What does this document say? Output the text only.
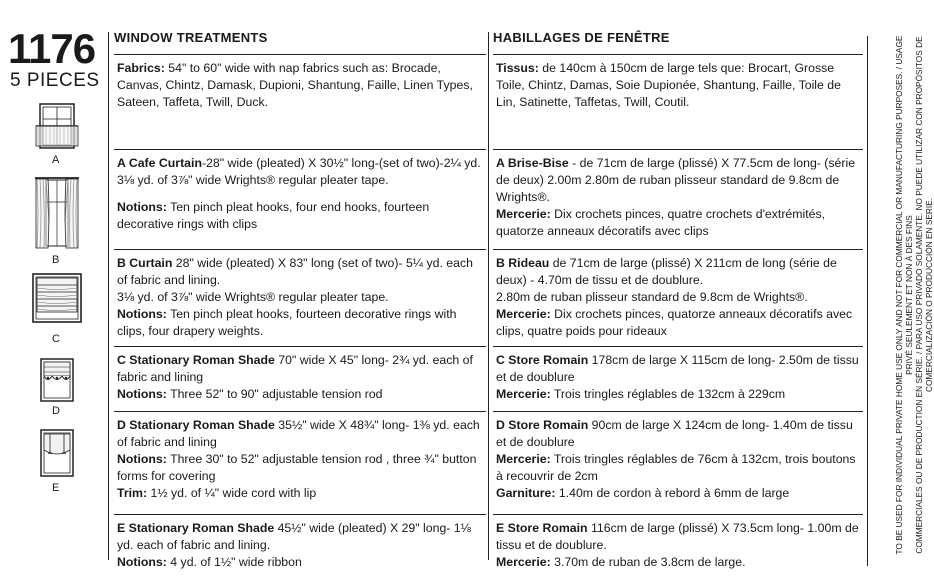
1176
5 PIECES
A
B
C
D
E
WINDOW TREATMENTS

Fabrics: 54" to 60" wide with nap fabrics such as: Brocade, Canvas, Chintz, Damask, Dupioni, Shantung, Faille, Linen Types, Sateen, Taffeta, Twill, Duck.

A Cafe Curtain-28" wide (pleated) X 30½" long-(set of two)-2¼ yd. 3⅛ yd. of 3⅞" wide Wrights® regular pleater tape.

Notions: Ten pinch pleat hooks, four end hooks, fourteen decorative rings with clips

B Curtain 28" wide (pleated) X 83" long (set of two)- 5¼ yd. each of fabric and lining.

3⅛ yd. of 3⅞" wide Wrights® regular pleater tape.

Notions: Ten pinch pleat hooks, fourteen decorative rings with clips, four drapery weights.

C Stationary Roman Shade 70" wide X 45" long- 2¾ yd. each of fabric and lining

Notions: Three 52" to 90" adjustable tension rod

D Stationary Roman Shade 35½" wide X 48¾" long- 1⅜ yd. each of fabric and lining

Notions: Three 30" to 52" adjustable tension rod , three ¾" button forms for covering

Trim: 1½ yd. of ¼" wide cord with lip

E Stationary Roman Shade 45½" wide (pleated) X 29" long- 1⅛ yd. each of fabric and lining.

Notions: 4 yd. of 1½" wide ribbon

HABILLAGES DE FENÊTRE

Tissus: de 140cm à 150cm de large tels que: Brocart, Grosse Toile, Chintz, Damas, Soie Dupionée, Shantung, Faille, Toile de Lin, Satinette, Taffetas, Twill, Coutil.

A Brise-Bise - de 71cm de large (plissé) X 77.5cm de long- (série de deux) 2.00m 2.80m de ruban plisseur standard de 9.8cm de Wrights®.

Mercerie: Dix crochets pinces, quatre crochets d'extrémités, quatorze anneaux décoratifs avec clips

B Rideau de 71cm de large (plissé) X 211cm de long (série de deux) - 4.70m de tissu et de doublure.

2.80m de ruban plisseur standard de 9.8cm de Wrights®.

Mercerie: Dix crochets pinces, quatorze anneaux décoratifs avec clips, quatre poids pour rideaux

C Store Romain 178cm de large X 115cm de long- 2.50m de tissu et de doublure

Mercerie: Trois tringles réglables de 132cm à 229cm

D Store Romain 90cm de large X 124cm de long- 1.40m de tissu et de doublure

Mercerie: Trois tringles réglables de 76cm à 132cm, trois boutons à recouvrir de 2cm

Garniture: 1.40m de cordon à rebord à 6mm de large

E Store Romain 116cm de large (plissé) X 73.5cm long- 1.00m de tissu et de doublure.

Mercerie: 3.70m de ruban de 3.8cm de large.

TO BE USED FOR INDIVIDUAL PRIVATE HOME USE ONLY AND NOT FOR COMMERCIAL OR MANUFACTURING PURPOSES. / USAGE PRIVÉ SEULEMENT ET NON À DES FINS COMMERCIALES OU DE PRODUCTION EN SÉRIE. / PARA USO PRIVADO SOLAMENTE. NO PUEDE UTILIZAR CON PROPÓSITOS DE COMERCIALIZACIÓN O PRODUCCIÓN EN SERIE.
